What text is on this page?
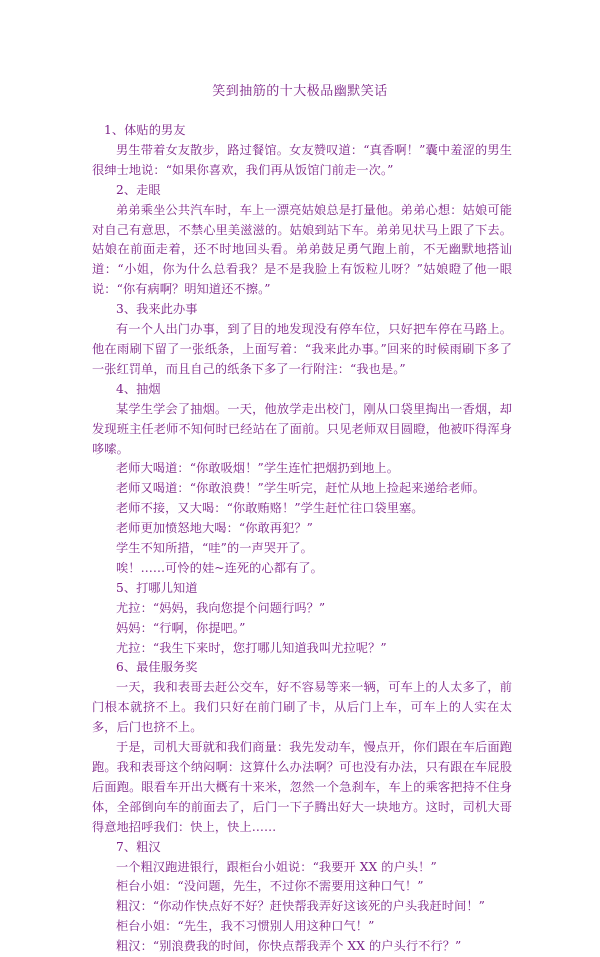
笑到抽筋的十大极品幽默笑话

1、体贴的男友

男生带着女友散步，路过餐馆。女友赞叹道：“真香啊！”囊中羞涩的男生很绅士地说：“如果你喜欢，我们再从饭馆门前走一次。”

2、走眼

弟弟乘坐公共汽车时，车上一漂亮姑娘总是打量他。弟弟心想：姑娘可能对自己有意思，不禁心里美滋滋的。姑娘到站下车。弟弟见状马上跟了下去。姑娘在前面走着，还不时地回头看。弟弟鼓足勇气跑上前，不无幽默地搭讪道：“小姐，你为什么总看我？是不是我脸上有饭粒儿呀？”姑娘瞪了他一眼说：“你有病啊？明知道还不擦。”

3、我来此办事

有一个人出门办事，到了目的地发现没有停车位，只好把车停在马路上。他在雨刷下留了一张纸条，上面写着：“我来此办事。”回来的时候雨刷下多了一张红罚单，而且自己的纸条下多了一行附注：“我也是。”

4、抽烟

某学生学会了抽烟。一天，他放学走出校门，刚从口袋里掏出一香烟，却发现班主任老师不知何时已经站在了面前。只见老师双目圆瞪，他被吓得浑身哆嗦。

老师大喝道：“你敢吸烟！”学生连忙把烟扔到地上。

老师又喝道：“你敢浪费！”学生听完，赶忙从地上捡起来递给老师。

老师不接，又大喝：“你敢贿赂！”学生赶忙往口袋里塞。

老师更加愤怒地大喝：“你敢再犯？”

学生不知所措，“哇”的一声哭开了。

唉！……可怜的娃~连死的心都有了。

5、打哪儿知道

尤拉：“妈妈，我向您提个问题行吗？”

妈妈：“行啊，你提吧。”

尤拉：“我生下来时，您打哪儿知道我叫尤拉呢？”

6、最佳服务奖

一天，我和表哥去赶公交车，好不容易等来一辆，可车上的人太多了，前门根本就挤不上。我们只好在前门刷了卡，从后门上车，可车上的人实在太多，后门也挤不上。

于是，司机大哥就和我们商量：我先发动车，慢点开，你们跟在车后面跑跑。我和表哥这个纳闷啊：这算什么办法啊？可也没有办法，只有跟在车屁股后面跑。眼看车开出大概有十来米，忽然一个急刹车，车上的乘客把持不住身体，全部倒向车的前面去了，后门一下子腾出好大一块地方。这时，司机大哥得意地招呼我们：快上，快上……

7、粗汉

一个粗汉跑进银行，跟柜台小姐说：“我要开 XX 的户头！”

柜台小姐：“没问题，先生，不过你不需要用这种口气！”

粗汉：“你动作快点好不好？赶快帮我弄好这该死的户头我赶时间！”

柜台小姐：“先生，我不习惯别人用这种口气！”

粗汉：“别浪费我的时间，你快点帮我弄个 XX 的户头行不行？”
